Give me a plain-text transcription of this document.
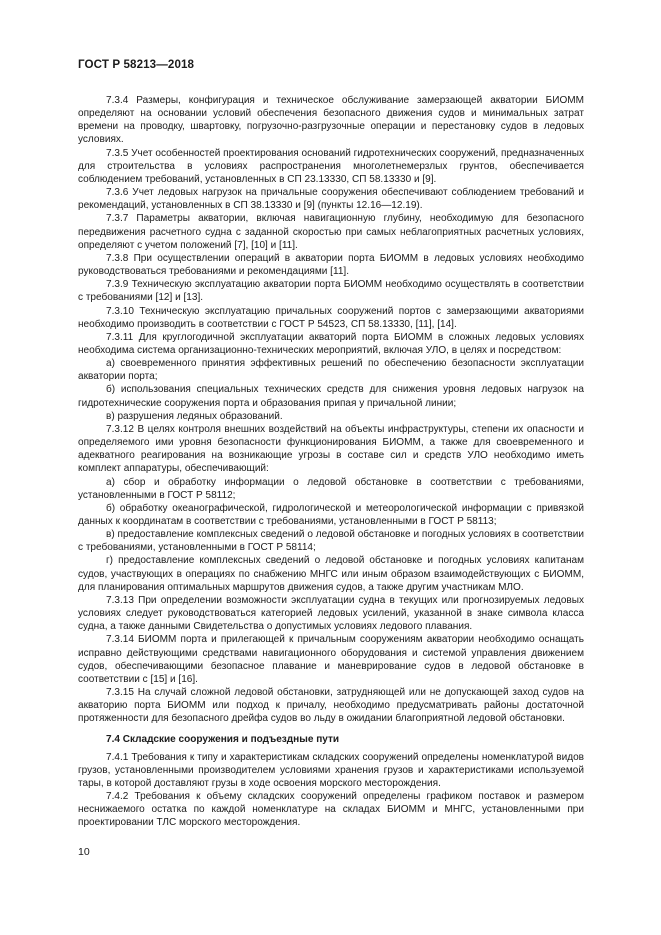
ГОСТ Р 58213—2018

7.3.4 Размеры, конфигурация и техническое обслуживание замерзающей акватории БИОММ определяют на основании условий обеспечения безопасного движения судов и минимальных затрат времени на проводку, швартовку, погрузочно-разгрузочные операции и перестановку судов в ледовых условиях.

7.3.5 Учет особенностей проектирования оснований гидротехнических сооружений, предназначенных для строительства в условиях распространения многолетнемерзлых грунтов, обеспечивается соблюдением требований, установленных в СП 23.13330, СП 58.13330 и [9].

7.3.6 Учет ледовых нагрузок на причальные сооружения обеспечивают соблюдением требований и рекомендаций, установленных в СП 38.13330 и [9] (пункты 12.16—12.19).

7.3.7 Параметры акватории, включая навигационную глубину, необходимую для безопасного передвижения расчетного судна с заданной скоростью при самых неблагоприятных расчетных условиях, определяют с учетом положений [7], [10] и [11].

7.3.8 При осуществлении операций в акватории порта БИОММ в ледовых условиях необходимо руководствоваться требованиями и рекомендациями [11].

7.3.9 Техническую эксплуатацию акватории порта БИОММ необходимо осуществлять в соответствии с требованиями [12] и [13].

7.3.10 Техническую эксплуатацию причальных сооружений портов с замерзающими акваториями необходимо производить в соответствии с ГОСТ Р 54523, СП 58.13330, [11], [14].

7.3.11 Для круглогодичной эксплуатации акваторий порта БИОММ в сложных ледовых условиях необходима система организационно-технических мероприятий, включая УЛО, в целях и посредством:

а) своевременного принятия эффективных решений по обеспечению безопасности эксплуатации акватории порта;

б) использования специальных технических средств для снижения уровня ледовых нагрузок на гидротехнические сооружения порта и образования припая у причальной линии;

в) разрушения ледяных образований.

7.3.12 В целях контроля внешних воздействий на объекты инфраструктуры, степени их опасности и определяемого ими уровня безопасности функционирования БИОММ, а также для своевременного и адекватного реагирования на возникающие угрозы в составе сил и средств УЛО необходимо иметь комплект аппаратуры, обеспечивающий:

а) сбор и обработку информации о ледовой обстановке в соответствии с требованиями, установленными в ГОСТ Р 58112;

б) обработку океанографической, гидрологической и метеорологической информации с привязкой данных к координатам в соответствии с требованиями, установленными в ГОСТ Р 58113;

в) предоставление комплексных сведений о ледовой обстановке и погодных условиях в соответствии с требованиями, установленными в ГОСТ Р 58114;

г) предоставление комплексных сведений о ледовой обстановке и погодных условиях капитанам судов, участвующих в операциях по снабжению МНГС или иным образом взаимодействующих с БИОММ, для планирования оптимальных маршрутов движения судов, а также другим участникам МЛО.

7.3.13 При определении возможности эксплуатации судна в текущих или прогнозируемых ледовых условиях следует руководствоваться категорией ледовых усилений, указанной в знаке символа класса судна, а также данными Свидетельства о допустимых условиях ледового плавания.

7.3.14 БИОММ порта и прилегающей к причальным сооружениям акватории необходимо оснащать исправно действующими средствами навигационного оборудования и системой управления движением судов, обеспечивающими безопасное плавание и маневрирование судов в ледовой обстановке в соответствии с [15] и [16].

7.3.15 На случай сложной ледовой обстановки, затрудняющей или не допускающей заход судов на акваторию порта БИОММ или подход к причалу, необходимо предусматривать районы достаточной протяженности для безопасного дрейфа судов во льду в ожидании благоприятной ледовой обстановки.

7.4 Складские сооружения и подъездные пути

7.4.1 Требования к типу и характеристикам складских сооружений определены номенклатурой видов грузов, установленными производителем условиями хранения грузов и характеристиками используемой тары, в которой доставляют грузы в ходе освоения морского месторождения.

7.4.2 Требования к объему складских сооружений определены графиком поставок и размером неснижаемого остатка по каждой номенклатуре на складах БИОММ и МНГС, установленными при проектировании ТЛС морского месторождения.

10
